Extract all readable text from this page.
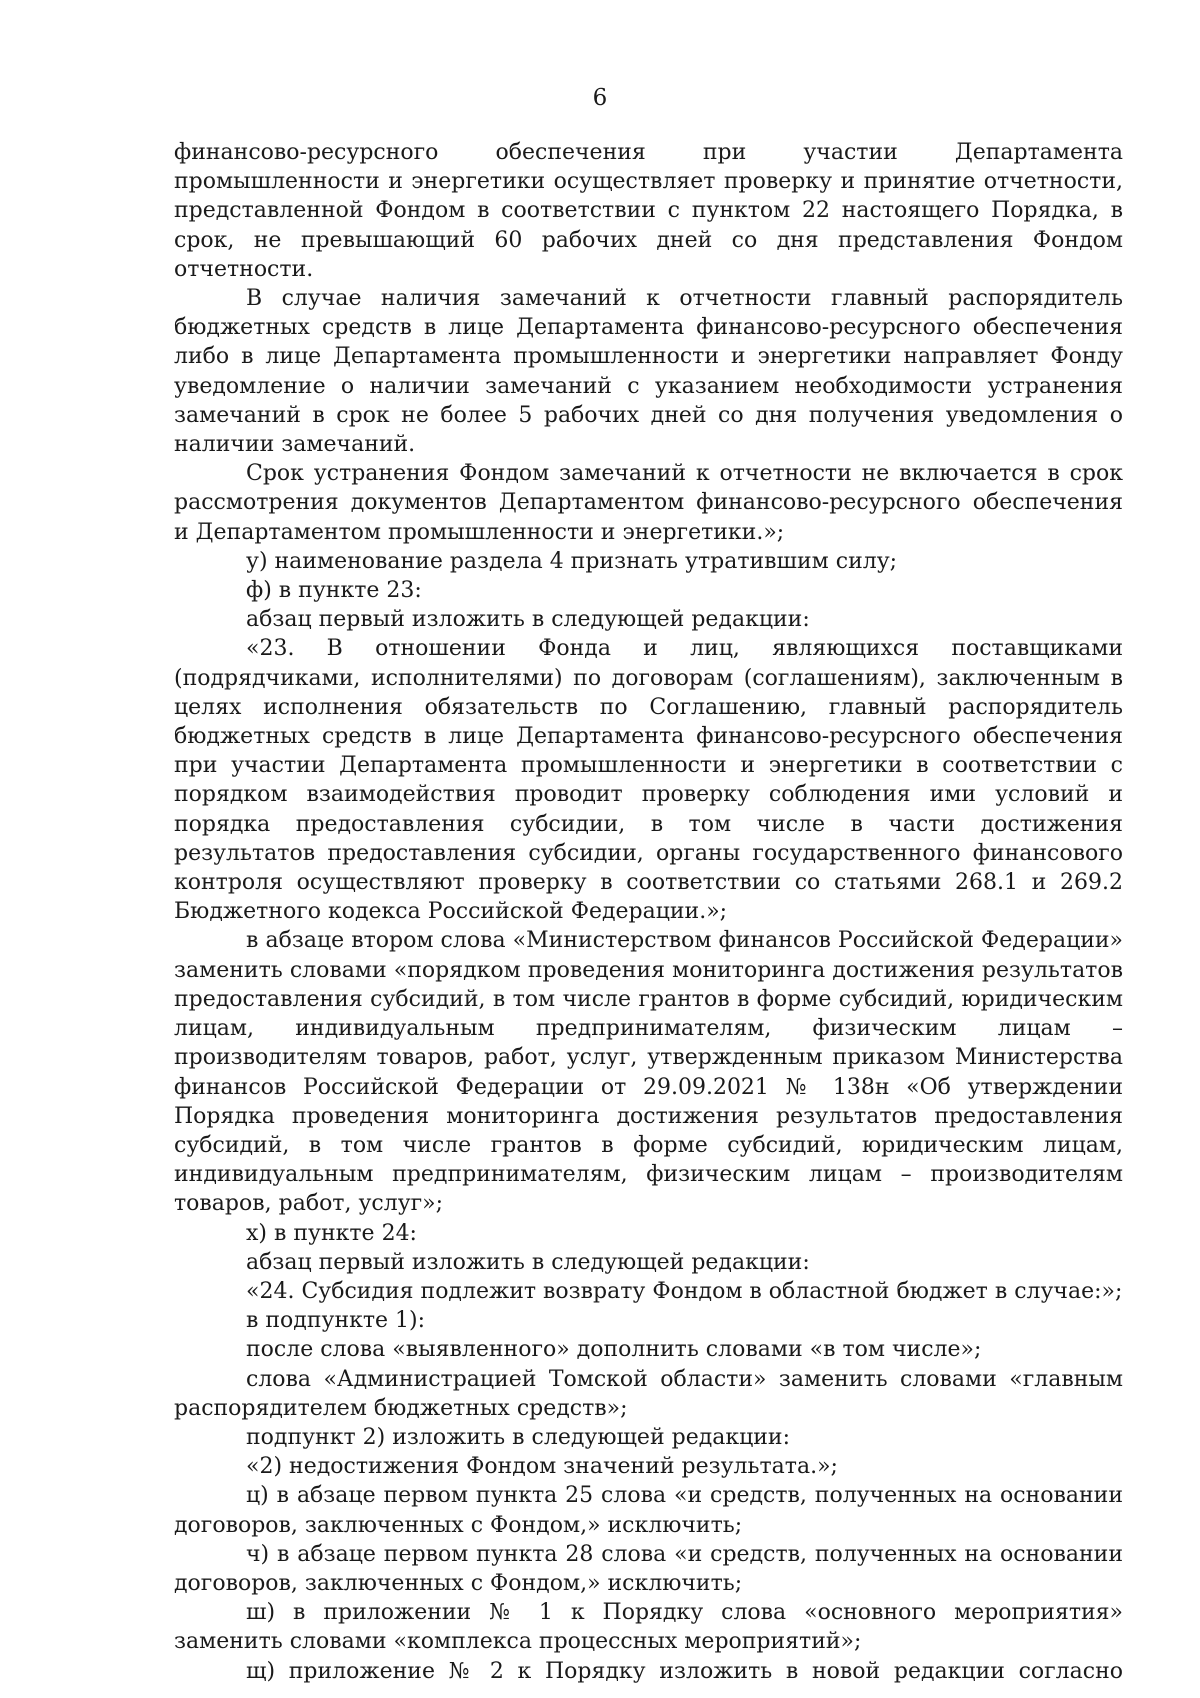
6

финансово-ресурсного обеспечения при участии Департамента промышленности и энергетики осуществляет проверку и принятие отчетности, представленной Фондом в соответствии с пунктом 22 настоящего Порядка, в срок, не превышающий 60 рабочих дней со дня представления Фондом отчетности.

В случае наличия замечаний к отчетности главный распорядитель бюджетных средств в лице Департамента финансово-ресурсного обеспечения либо в лице Департамента промышленности и энергетики направляет Фонду уведомление о наличии замечаний с указанием необходимости устранения замечаний в срок не более 5 рабочих дней со дня получения уведомления о наличии замечаний.

Срок устранения Фондом замечаний к отчетности не включается в срок рассмотрения документов Департаментом финансово-ресурсного обеспечения и Департаментом промышленности и энергетики.»;

у) наименование раздела 4 признать утратившим силу;

ф) в пункте 23:

абзац первый изложить в следующей редакции:

«23. В отношении Фонда и лиц, являющихся поставщиками (подрядчиками, исполнителями) по договорам (соглашениям), заключенным в целях исполнения обязательств по Соглашению, главный распорядитель бюджетных средств в лице Департамента финансово-ресурсного обеспечения при участии Департамента промышленности и энергетики в соответствии с порядком взаимодействия проводит проверку соблюдения ими условий и порядка предоставления субсидии, в том числе в части достижения результатов предоставления субсидии, органы государственного финансового контроля осуществляют проверку в соответствии со статьями 268.1 и 269.2 Бюджетного кодекса Российской Федерации.»;

в абзаце втором слова «Министерством финансов Российской Федерации» заменить словами «порядком проведения мониторинга достижения результатов предоставления субсидий, в том числе грантов в форме субсидий, юридическим лицам, индивидуальным предпринимателям, физическим лицам – производителям товаров, работ, услуг, утвержденным приказом Министерства финансов Российской Федерации от 29.09.2021 № 138н «Об утверждении Порядка проведения мониторинга достижения результатов предоставления субсидий, в том числе грантов в форме субсидий, юридическим лицам, индивидуальным предпринимателям, физическим лицам – производителям товаров, работ, услуг»;

х) в пункте 24:

абзац первый изложить в следующей редакции:

«24. Субсидия подлежит возврату Фондом в областной бюджет в случае:»;

в подпункте 1):

после слова «выявленного» дополнить словами «в том числе»;

слова «Администрацией Томской области» заменить словами «главным распорядителем бюджетных средств»;

подпункт 2) изложить в следующей редакции:

«2) недостижения Фондом значений результата.»;

ц) в абзаце первом пункта 25 слова «и средств, полученных на основании договоров, заключенных с Фондом,» исключить;

ч) в абзаце первом пункта 28 слова «и средств, полученных на основании договоров, заключенных с Фондом,» исключить;

ш) в приложении № 1 к Порядку слова «основного мероприятия» заменить словами «комплекса процессных мероприятий»;

щ) приложение № 2 к Порядку изложить в новой редакции согласно
